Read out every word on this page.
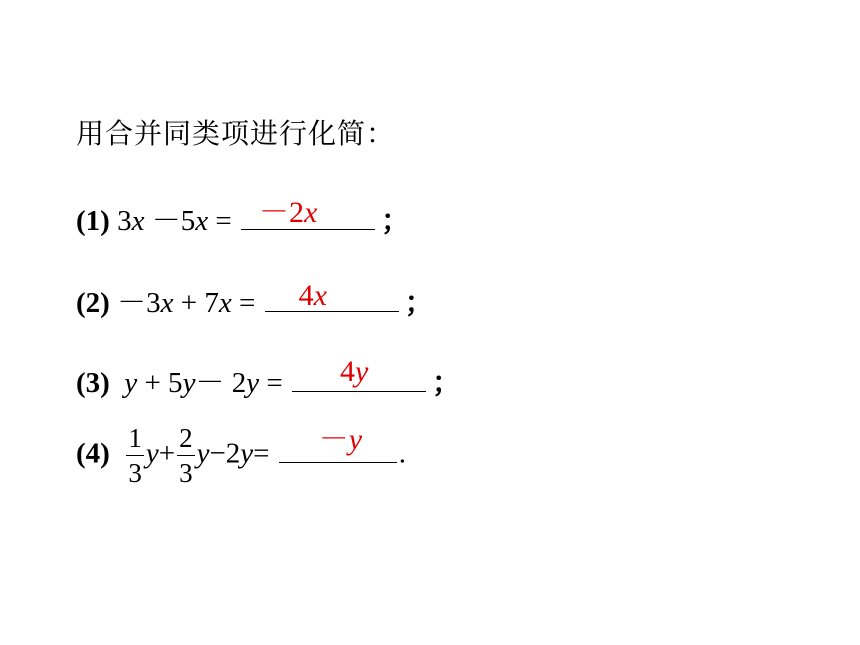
用合并同类项进行化简：
(1) 3x －5x = －2x ；
(2) －3x + 7x = 4x	；
(3) y + 5y－ 2y = 4y ；
$(4) \frac{1}{3} y+ \frac{2}{3} y-2y= -y$ .
